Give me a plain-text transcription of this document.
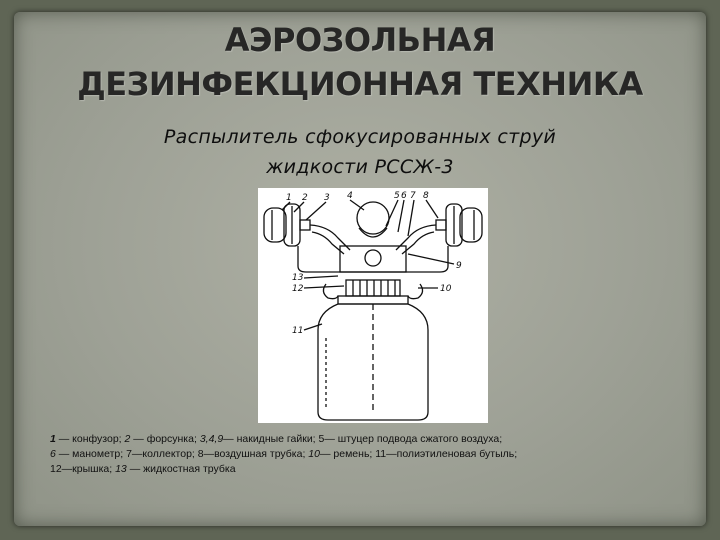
АЭРОЗОЛЬНАЯ
ДЕЗИНФЕКЦИОННАЯ ТЕХНИКА
Распылитель сфокусированных струй
жидкости РССЖ-3
1 2 3 4	5 6 7 8
9
10
11
12
13
1 — конфузор; 2 — форсунка; 3,4,9— накидные гайки; 5— штуцер подвода сжатого воздуха;
6 — манометр; 7—коллектор; 8—воздушная трубка; 10— ремень; 11—полиэтиленовая бутыль;
12—крышка; 13 — жидкостная трубка
